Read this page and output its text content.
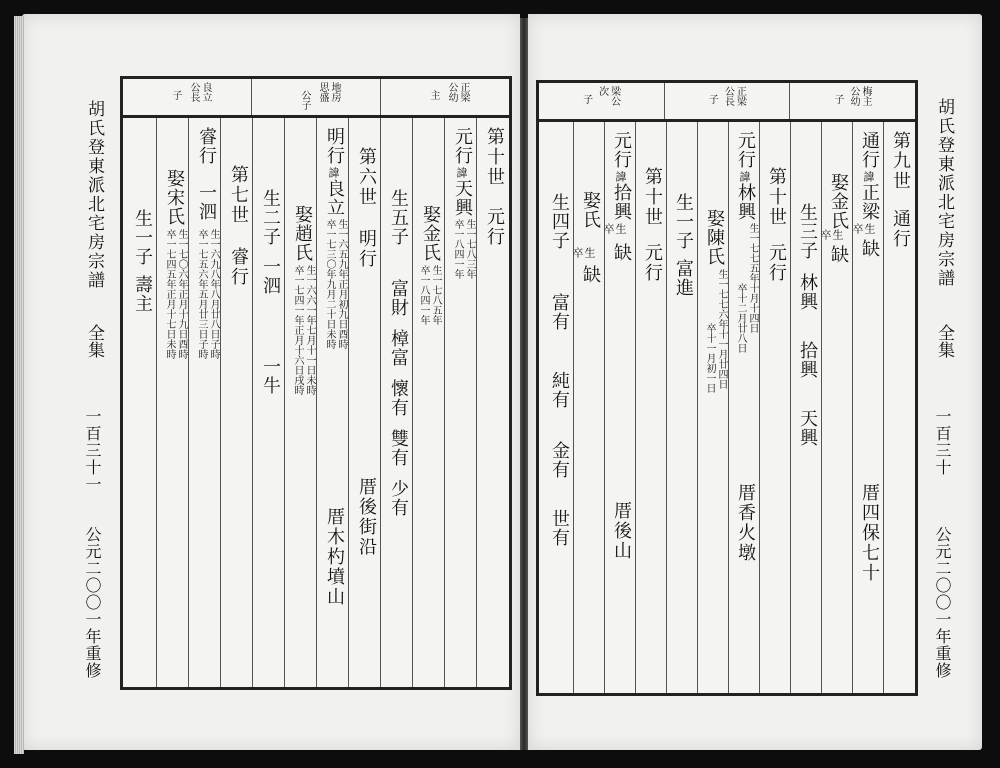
胡氏登東派北宅房宗譜
全集
一百三十一
公元二〇〇一年重修
正梁
公幼
主
地房
思盛
公子
良立
公長
子
第十世
元行
元行
諱
天興
生一七八三年
卒一八四一年
娶金氏
生一七八五年
卒一八四一年
生五子
富財
樟富
懷有
雙有
少有
厝後街沿
第六世
明行
明行
諱
良立
生一六五九年正月初九日酉時
卒一七三〇年九月二十日未時
娶趙氏
生一六六一年七月十一日未時
卒一七四一年正月十六日戌時
厝木杓墳山
生二子
一泗
一牛
第七世
睿行
睿行
一泗
生一六九八年八月廿八日子時
卒一七五六年五月廿三日子時
娶宋氏
生一七〇六年正月十九日酉時
卒一七四五年正月十七日未時
生一子
壽主
胡氏登東派北宅房宗譜
全集
一百三十
公元二〇〇一年重修
梅主
公幼
子
正梁
公長
子
梁公
次
子
第九世
通行
通行
諱
正梁
生
卒
缺
厝四保七十
娶金氏
生
卒
缺
生三子
林興
拾興
天興
第十世
元行
元行
諱
林興
生一七七五年十月十四日
卒十二月廿八日
厝香火墩
娶陳氏
生一七七六年十一月廿四日
卒十一月初一日
生一子
富進
第十世
元行
元行
諱
拾興
生
卒
缺
厝後山
娶氏
生
卒
缺
生四子
富有
純有
金有
世有
